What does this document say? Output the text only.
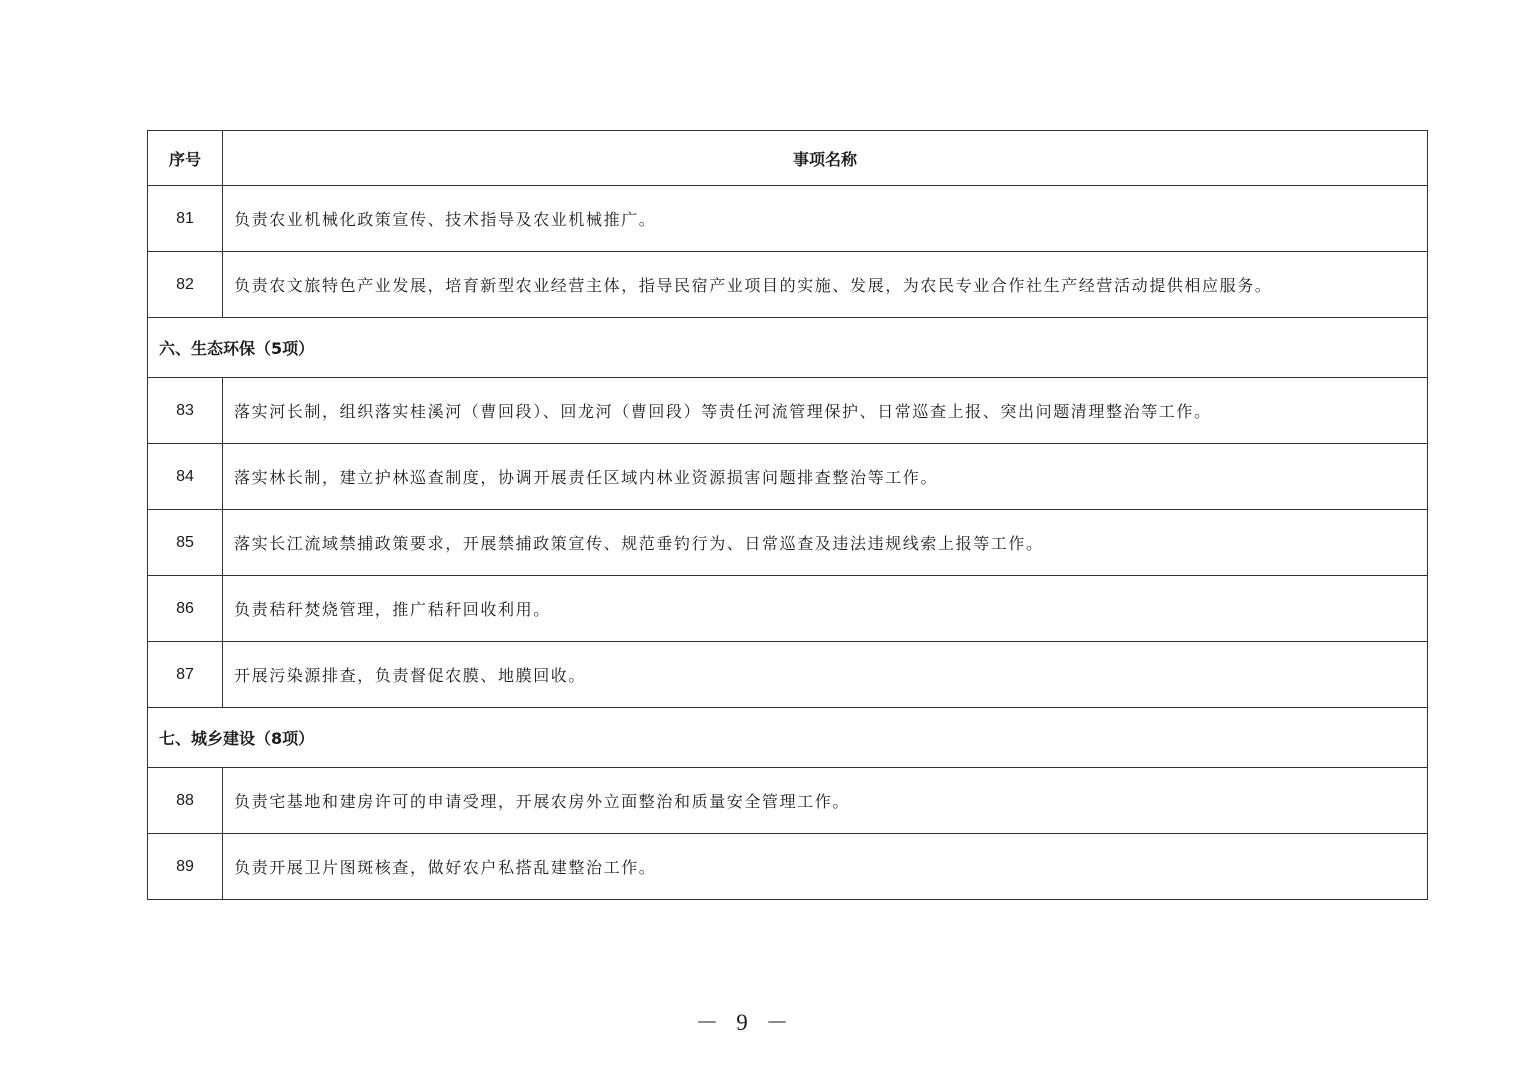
序号	事项名称
81	负责农业机械化政策宣传、技术指导及农业机械推广。
82	负责农文旅特色产业发展，培育新型农业经营主体，指导民宿产业项目的实施、发展，为农民专业合作社生产经营活动提供相应服务。
六、生态环保（5项）	
83	落实河长制，组织落实桂溪河（曹回段）、回龙河（曹回段）等责任河流管理保护、日常巡查上报、突出问题清理整治等工作。
84	落实林长制，建立护林巡查制度，协调开展责任区域内林业资源损害问题排查整治等工作。
85	落实长江流域禁捕政策要求，开展禁捕政策宣传、规范垂钓行为、日常巡查及违法违规线索上报等工作。
86	负责秸秆焚烧管理，推广秸秆回收利用。
87	开展污染源排查，负责督促农膜、地膜回收。
七、城乡建设（8项）	
88	负责宅基地和建房许可的申请受理，开展农房外立面整治和质量安全管理工作。
89	负责开展卫片图斑核查，做好农户私搭乱建整治工作。
－ 9 －
